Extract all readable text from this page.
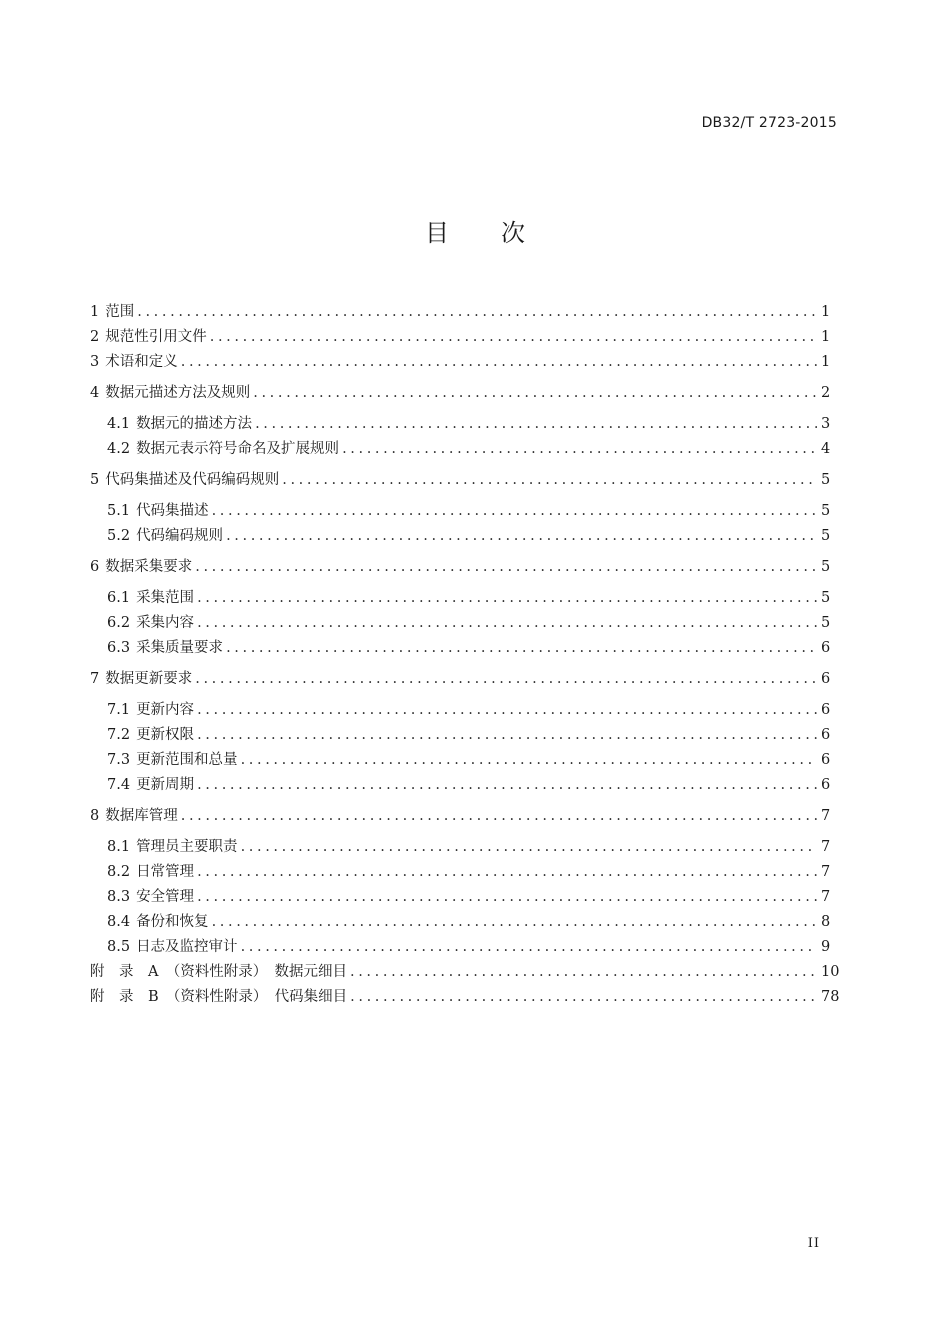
DB32/T 2723-2015
目 次
1 范围 . . .	1
2 规范性引用文件 . . .	1
3 术语和定义 . . .	1
4 数据元描述方法及规则 . . .	2
4.1 数据元的描述方法 . . .	3
4.2 数据元表示符号命名及扩展规则 . . .	4
5 代码集描述及代码编码规则 . . .	5
5.1 代码集描述 . . .	5
5.2 代码编码规则 . . .	5
6 数据采集要求 . . .	5
6.1 采集范围 . . .	5
6.2 采集内容 . . .	5
6.3 采集质量要求 . . .	6
7 数据更新要求 . . .	6
7.1 更新内容 . . .	6
7.2 更新权限 . . .	6
7.3 更新范围和总量 . . .	6
7.4 更新周期 . . .	6
8 数据库管理 . . .	7
8.1 管理员主要职责 . . .	7
8.2 日常管理 . . .	7
8.3 安全管理 . . .	7
8.4 备份和恢复 . . .	8
8.5 日志及监控审计 . . .	9
附　录　A　（资料性附录）　 数据元细目 . . .	10
附　录　B　（资料性附录）　 代码集细目 . . .	78
II
